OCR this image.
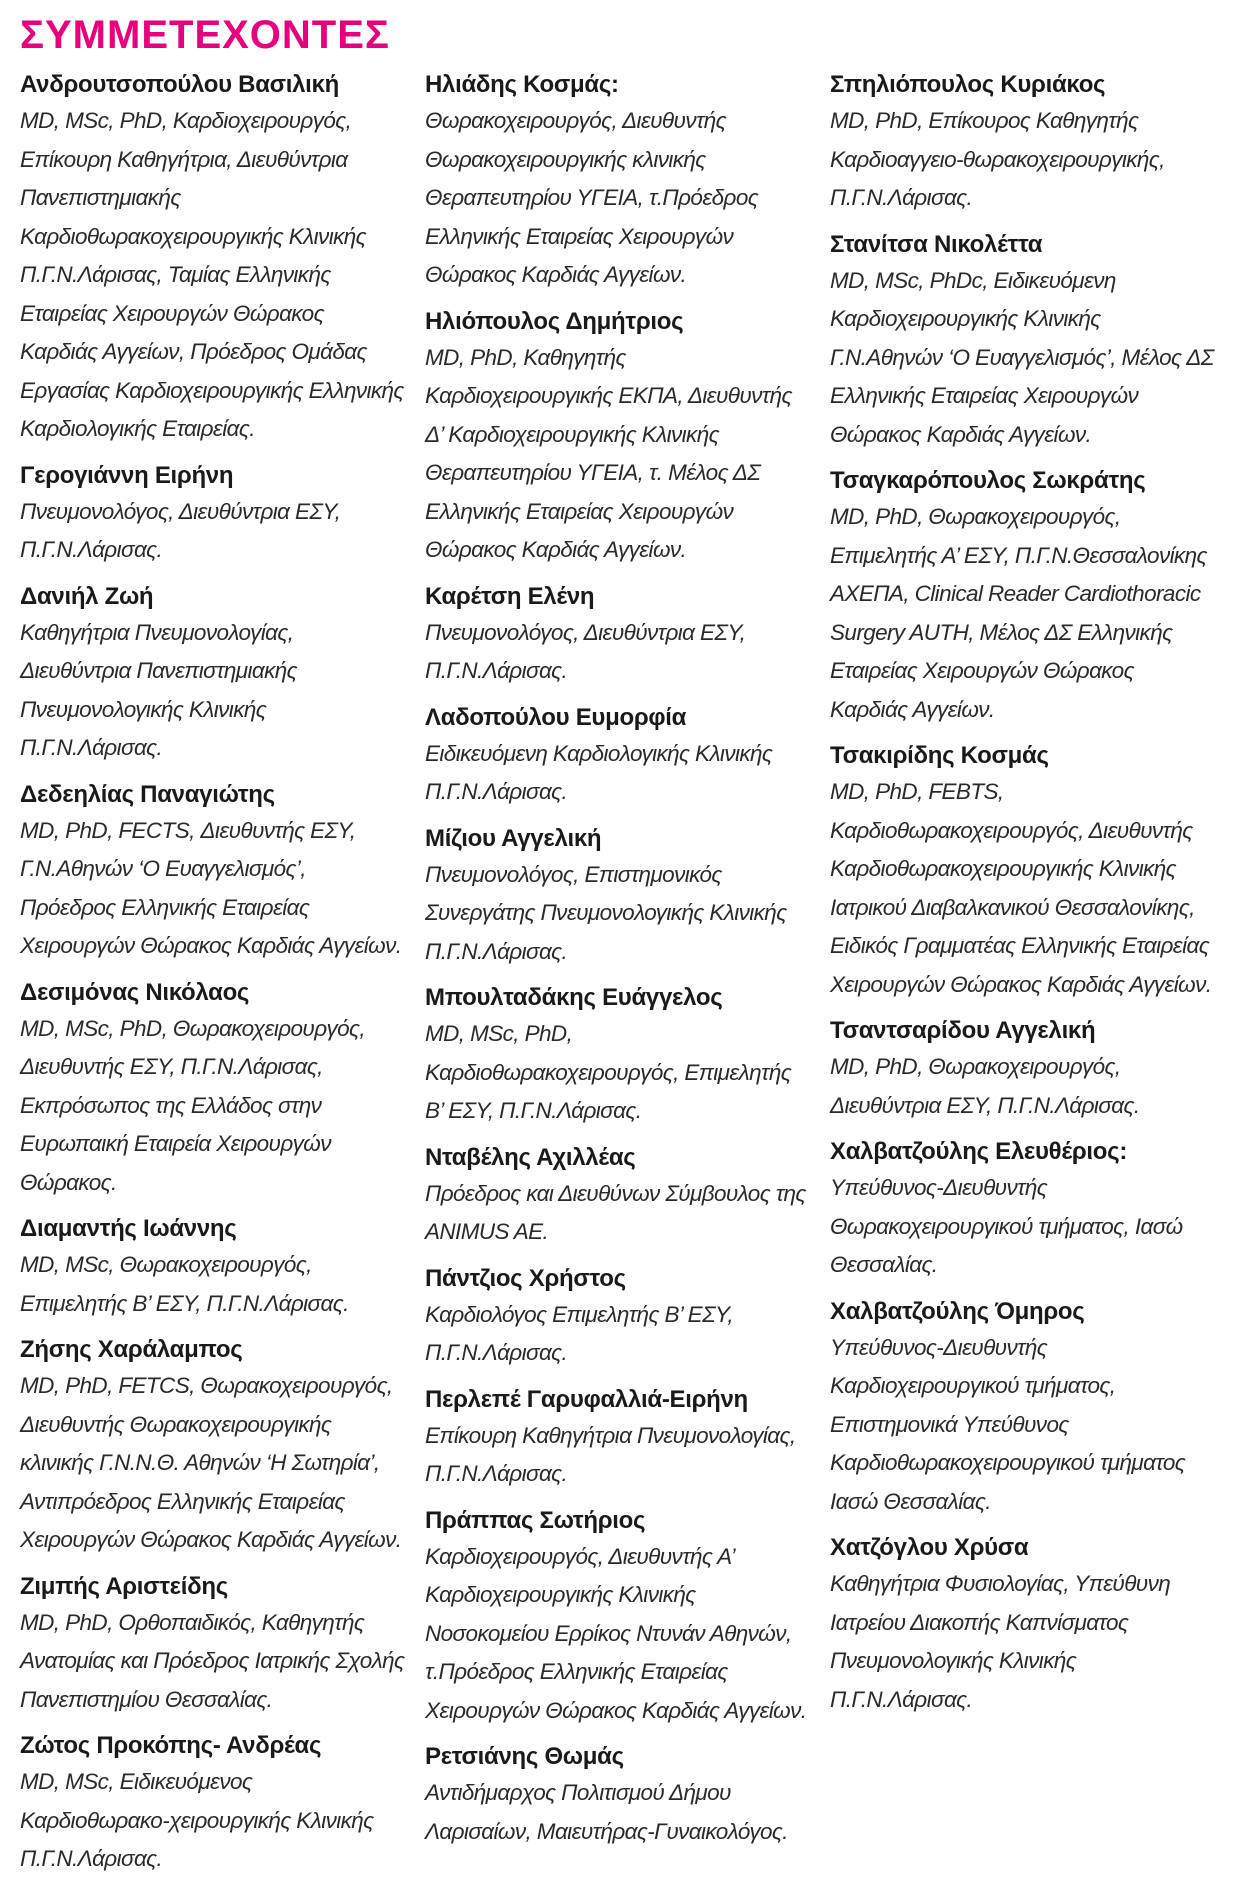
ΣΥΜΜΕΤΕΧΟΝΤΕΣ
Ανδρουτσοπούλου Βασιλική
MD, MSc, PhD, Καρδιοχειρουργός, Επίκουρη Καθηγήτρια, Διευθύντρια Πανεπιστημιακής Καρδιοθωρακοχειρουργικής Κλινικής Π.Γ.Ν.Λάρισας, Ταμίας Ελληνικής Εταιρείας Χειρουργών Θώρακος Καρδιάς Αγγείων, Πρόεδρος Ομάδας Εργασίας Καρδιοχειρουργικής Ελληνικής Καρδιολογικής Εταιρείας.
Γερογιάννη Ειρήνη
Πνευμονολόγος, Διευθύντρια ΕΣΥ, Π.Γ.Ν.Λάρισας.
Δανιήλ Ζωή
Καθηγήτρια Πνευμονολογίας, Διευθύντρια Πανεπιστημιακής Πνευμονολογικής Κλινικής Π.Γ.Ν.Λάρισας.
Δεδεηλίας Παναγιώτης
MD, PhD, FECTS, Διευθυντής ΕΣΥ, Γ.Ν.Αθηνών ‘Ο Ευαγγελισμός’, Πρόεδρος Ελληνικής Εταιρείας Χειρουργών Θώρακος Καρδιάς Αγγείων.
Δεσιμόνας Νικόλαος
MD, MSc, PhD, Θωρακοχειρουργός, Διευθυντής ΕΣΥ, Π.Γ.Ν.Λάρισας, Εκπρόσωπος της Ελλάδος στην Ευρωπαική Εταιρεία Χειρουργών Θώρακος.
Διαμαντής Ιωάννης
MD, MSc, Θωρακοχειρουργός, Επιμελητής Β’ ΕΣΥ, Π.Γ.Ν.Λάρισας.
Ζήσης Χαράλαμπος
MD, PhD, FETCS, Θωρακοχειρουργός, Διευθυντής Θωρακοχειρουργικής κλινικής Γ.Ν.Ν.Θ. Αθηνών ‘Η Σωτηρία’, Αντιπρόεδρος Ελληνικής Εταιρείας Χειρουργών Θώρακος Καρδιάς Αγγείων.
Ζιμπής Αριστείδης
MD, PhD, Ορθοπαιδικός, Καθηγητής Ανατομίας και Πρόεδρος Ιατρικής Σχολής Πανεπιστημίου Θεσσαλίας.
Ζώτος Προκόπης- Ανδρέας
MD, MSc, Ειδικευόμενος Καρδιοθωρακο-χειρουργικής Κλινικής Π.Γ.Ν.Λάρισας.
Ηλιάδης Κοσμάς:
Θωρακοχειρουργός, Διευθυντής Θωρακοχειρουργικής κλινικής Θεραπευτηρίου ΥΓΕΙΑ, τ.Πρόεδρος Ελληνικής Εταιρείας Χειρουργών Θώρακος Καρδιάς Αγγείων.
Ηλιόπουλος Δημήτριος
MD, PhD, Καθηγητής Καρδιοχειρουργικής ΕΚΠΑ, Διευθυντής Δ’ Καρδιοχειρουργικής Κλινικής Θεραπευτηρίου ΥΓΕΙΑ, τ. Μέλος ΔΣ Ελληνικής Εταιρείας Χειρουργών Θώρακος Καρδιάς Αγγείων.
Καρέτση Ελένη
Πνευμονολόγος, Διευθύντρια ΕΣΥ, Π.Γ.Ν.Λάρισας.
Λαδοπούλου Ευμορφία
Ειδικευόμενη Καρδιολογικής Κλινικής Π.Γ.Ν.Λάρισας.
Μίζιου Αγγελική
Πνευμονολόγος, Επιστημονικός Συνεργάτης Πνευμονολογικής Κλινικής Π.Γ.Ν.Λάρισας.
Μπουλταδάκης Ευάγγελος
MD, MSc, PhD, Καρδιοθωρακοχειρουργός, Επιμελητής Β’ ΕΣΥ, Π.Γ.Ν.Λάρισας.
Νταβέλης Αχιλλέας
Πρόεδρος και Διευθύνων Σύμβουλος της ANIMUS AE.
Πάντζιος Χρήστος
Καρδιολόγος Επιμελητής Β’ ΕΣΥ, Π.Γ.Ν.Λάρισας.
Περλεπέ Γαρυφαλλιά-Ειρήνη
Επίκουρη Καθηγήτρια Πνευμονολογίας, Π.Γ.Ν.Λάρισας.
Πράππας Σωτήριος
Καρδιοχειρουργός, Διευθυντής Α’ Καρδιοχειρουργικής Κλινικής Νοσοκομείου Ερρίκος Ντυνάν Αθηνών, τ.Πρόεδρος Ελληνικής Εταιρείας Χειρουργών Θώρακος Καρδιάς Αγγείων.
Ρετσιάνης Θωμάς
Αντιδήμαρχος Πολιτισμού Δήμου Λαρισαίων, Μαιευτήρας-Γυναικολόγος.
Σπηλιόπουλος Κυριάκος
MD, PhD, Επίκουρος Καθηγητής Καρδιοαγγειο-θωρακοχειρουργικής, Π.Γ.Ν.Λάρισας.
Στανίτσα Νικολέττα
MD, MSc, PhDc, Ειδικευόμενη Καρδιοχειρουργικής Κλινικής Γ.Ν.Αθηνών ‘Ο Ευαγγελισμός’, Μέλος ΔΣ Ελληνικής Εταιρείας Χειρουργών Θώρακος Καρδιάς Αγγείων.
Τσαγκαρόπουλος Σωκράτης
MD, PhD, Θωρακοχειρουργός, Επιμελητής Α’ ΕΣΥ, Π.Γ.Ν.Θεσσαλονίκης ΑΧΕΠΑ, Clinical Reader Cardiothoracic Surgery AUTH, Μέλος ΔΣ Ελληνικής Εταιρείας Χειρουργών Θώρακος Καρδιάς Αγγείων.
Τσακιρίδης Κοσμάς
MD, PhD, FEBTS, Καρδιοθωρακοχειρουργός, Διευθυντής Καρδιοθωρακοχειρουργικής Κλινικής Ιατρικού Διαβαλκανικού Θεσσαλονίκης, Ειδικός Γραμματέας Ελληνικής Εταιρείας Χειρουργών Θώρακος Καρδιάς Αγγείων.
Τσαντσαρίδου Αγγελική
MD, PhD, Θωρακοχειρουργός, Διευθύντρια ΕΣΥ, Π.Γ.Ν.Λάρισας.
Χαλβατζούλης Ελευθέριος:
Υπεύθυνος-Διευθυντής Θωρακοχειρουργικού τμήματος, Ιασώ Θεσσαλίας.
Χαλβατζούλης Όμηρος
Υπεύθυνος-Διευθυντής Καρδιοχειρουργικού τμήματος, Επιστημονικά Υπεύθυνος Καρδιοθωρακοχειρουργικού τμήματος Ιασώ Θεσσαλίας.
Χατζόγλου Χρύσα
Καθηγήτρια Φυσιολογίας, Υπεύθυνη Ιατρείου Διακοπής Καπνίσματος Πνευμονολογικής Κλινικής Π.Γ.Ν.Λάρισας.
